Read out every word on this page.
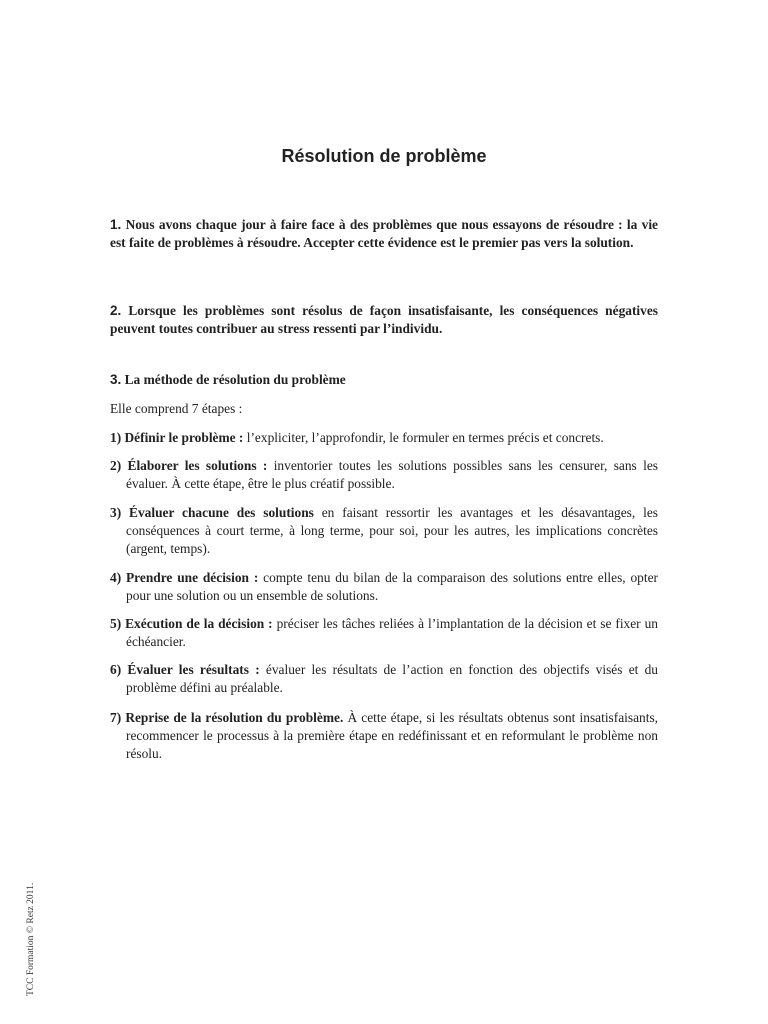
Résolution de problème
1. Nous avons chaque jour à faire face à des problèmes que nous essayons de résoudre : la vie est faite de problèmes à résoudre. Accepter cette évidence est le premier pas vers la solution.
2. Lorsque les problèmes sont résolus de façon insatisfaisante, les conséquences négatives peuvent toutes contribuer au stress ressenti par l’individu.
3. La méthode de résolution du problème
Elle comprend 7 étapes :
1) Définir le problème : l’expliciter, l’approfondir, le formuler en termes précis et concrets.
2) Élaborer les solutions : inventorier toutes les solutions possibles sans les censurer, sans les évaluer. À cette étape, être le plus créatif possible.
3) Évaluer chacune des solutions en faisant ressortir les avantages et les désavantages, les conséquences à court terme, à long terme, pour soi, pour les autres, les implications concrètes (argent, temps).
4) Prendre une décision : compte tenu du bilan de la comparaison des solutions entre elles, opter pour une solution ou un ensemble de solutions.
5) Exécution de la décision : préciser les tâches reliées à l’implantation de la décision et se fixer un échéancier.
6) Évaluer les résultats : évaluer les résultats de l’action en fonction des objectifs visés et du problème défini au préalable.
7) Reprise de la résolution du problème. À cette étape, si les résultats obtenus sont insatisfaisants, recommencer le processus à la première étape en redéfinissant et en reformulant le problème non résolu.
TCC Formation © Retz 2011.
